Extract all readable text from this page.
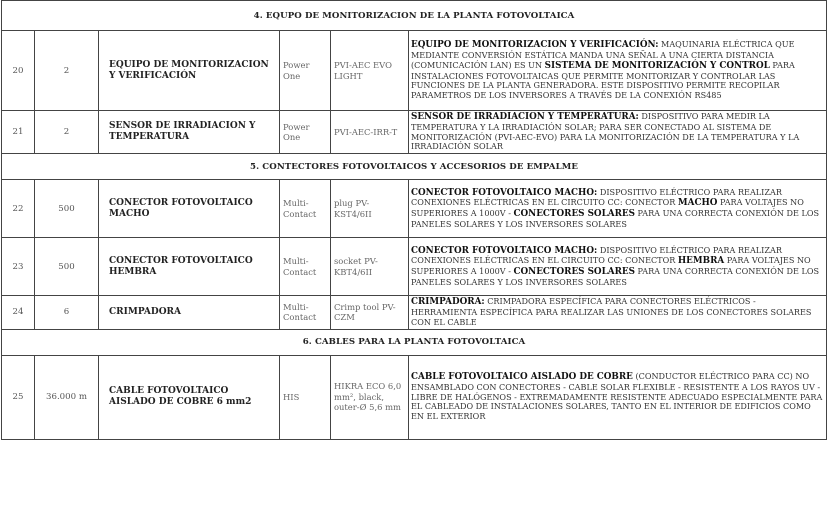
4. EQUPO DE MONITORIZACION DE LA PLANTA FOTOVOLTAICA					
20	2	EQUIPO DE MONITORIZACION Y VERIFICACIÓN	Power One	PVI-AEC EVO LIGHT	EQUIPO DE MONITORIZACION Y VERIFICACIÓN: MAQUINARIA ELÉCTRICA QUE MEDIANTE CONVERSIÓN ESTÁTICA MANDA UNA SEÑAL A UNA CIERTA DISTANCIA (COMUNICACIÓN LAN) ES UN SISTEMA DE MONITORIZACIÓN Y CONTROL PARA INSTALACIONES FOTOVOLTAICAS QUE PERMITE MONITORIZAR Y CONTROLAR LAS FUNCIONES DE LA PLANTA GENERADORA. ESTE DISPOSITIVO PERMITE RECOPILAR PARAMETROS DE LOS INVERSORES A TRAVÉS DE LA CONEXIÓN RS485
21	2	SENSOR DE IRRADIACION Y TEMPERATURA	Power One	PVI-AEC-IRR-T	SENSOR DE IRRADIACION Y TEMPERATURA: DISPOSITIVO PARA MEDIR LA TEMPERATURA Y LA IRRADIACIÓN SOLAR; PARA SER CONECTADO AL SISTEMA DE MONITORIZACIÓN (PVI-AEC-EVO) PARA LA MONITORIZACIÓN DE LA TEMPERATURA Y LA IRRADIACIÓN SOLAR
5. CONTECTORES FOTOVOLTAICOS Y ACCESORIOS DE EMPALME					
22	500	CONECTOR FOTOVOLTAICO MACHO	Multi-Contact	plug PV-KST4/6II	CONECTOR FOTOVOLTAICO MACHO: DISPOSITIVO ELÉCTRICO PARA REALIZAR CONEXIONES ELÉCTRICAS EN EL CIRCUITO CC: CONECTOR MACHO PARA VOLTAJES NO SUPERIORES A 1000V - CONECTORES SOLARES PARA UNA CORRECTA CONEXIÓN DE LOS PANELES SOLARES Y LOS INVERSORES SOLARES
23	500	CONECTOR FOTOVOLTAICO HEMBRA	Multi-Contact	socket PV-KBT4/6II	CONECTOR FOTOVOLTAICO MACHO: DISPOSITIVO ELÉCTRICO PARA REALIZAR CONEXIONES ELÉCTRICAS EN EL CIRCUITO CC: CONECTOR HEMBRA PARA VOLTAJES NO SUPERIORES A 1000V - CONECTORES SOLARES PARA UNA CORRECTA CONEXIÓN DE LOS PANELES SOLARES Y LOS INVERSORES SOLARES
24	6	CRIMPADORA	Multi-Contact	Crimp tool PV-CZM	CRIMPADORA: CRIMPADORA ESPECÍFICA PARA CONECTORES ELÉCTRICOS - HERRAMIENTA ESPECÍFICA PARA REALIZAR LAS UNIONES DE LOS CONECTORES SOLARES CON EL CABLE
6. CABLES PARA LA PLANTA FOTOVOLTAICA					
25	36.000 m	CABLE FOTOVOLTAICO AISLADO DE COBRE 6 mm2	HIS	HIKRA ECO 6,0 mm², black, outer-Ø 5,6 mm	CABLE FOTOVOLTAICO AISLADO DE COBRE (CONDUCTOR ELÉCTRICO PARA CC) NO ENSAMBLADO CON CONECTORES - CABLE SOLAR FLEXIBLE - RESISTENTE A LOS RAYOS UV - LIBRE DE HALÓGENOS - EXTREMADAMENTE RESISTENTE ADECUADO ESPECIALMENTE PARA EL CABLEADO DE INSTALACIONES SOLARES, TANTO EN EL INTERIOR DE EDIFICIOS COMO EN EL EXTERIOR
